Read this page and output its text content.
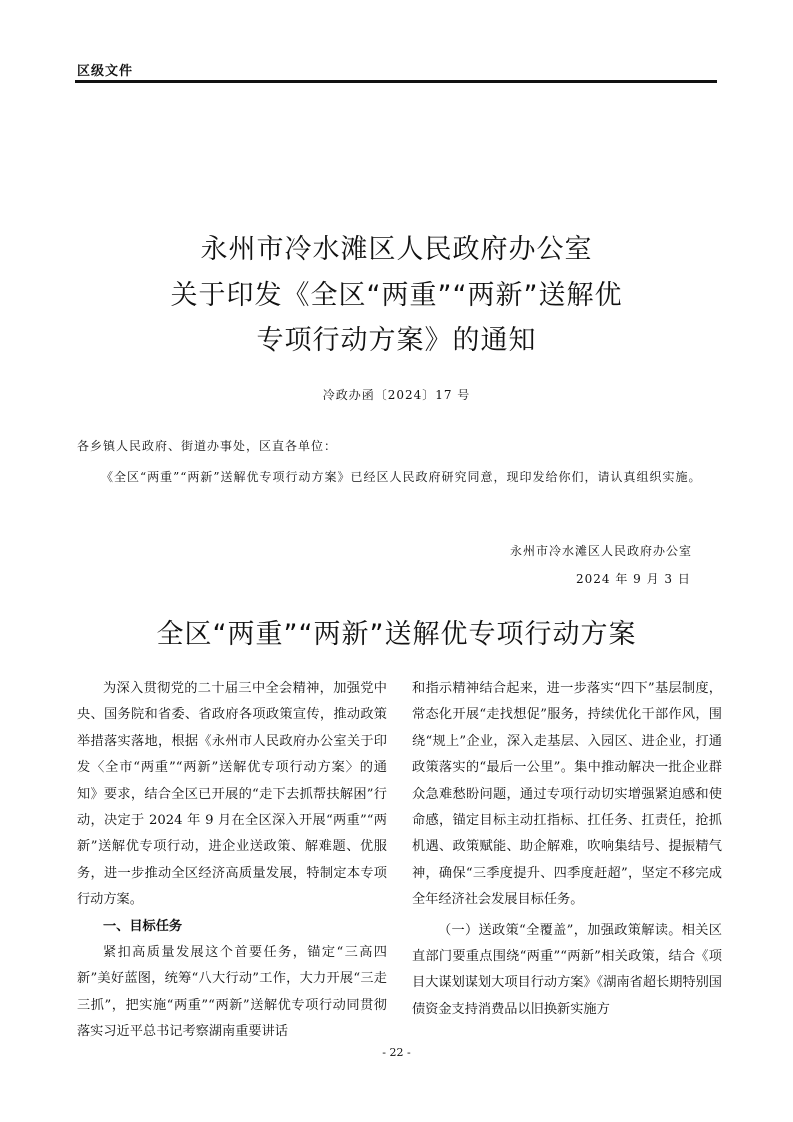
区级文件
永州市冷水滩区人民政府办公室
关于印发《全区“两重”“两新”送解优
专项行动方案》的通知
冷政办函〔2024〕17 号
各乡镇人民政府、街道办事处，区直各单位：
《全区“两重”“两新”送解优专项行动方案》已经区人民政府研究同意，现印发给你们，请认真组织实施。
永州市冷水滩区人民政府办公室
2024 年 9 月 3 日
全区“两重”“两新”送解优专项行动方案

为深入贯彻党的二十届三中全会精神，加强党中央、国务院和省委、省政府各项政策宣传，推动政策举措落实落地，根据《永州市人民政府办公室关于印发〈全市“两重”“两新”送解优专项行动方案〉的通知》要求，结合全区已开展的“走下去抓帮扶解困”行动，决定于 2024 年 9 月在全区深入开展“两重”“两新”送解优专项行动，进企业送政策、解难题、优服务，进一步推动全区经济高质量发展，特制定本专项行动方案。

一、目标任务

紧扣高质量发展这个首要任务，锚定“三高四新”美好蓝图，统筹“八大行动”工作，大力开展“三走三抓”，把实施“两重”“两新”送解优专项行动同贯彻落实习近平总书记考察湖南重要讲话

和指示精神结合起来，进一步落实“四下”基层制度，常态化开展“走找想促”服务，持续优化干部作风，围绕“规上”企业，深入走基层、入园区、进企业，打通政策落实的“最后一公里”。集中推动解决一批企业群众急难愁盼问题，通过专项行动切实增强紧迫感和使命感，锚定目标主动扛指标、扛任务、扛责任，抢抓机遇、政策赋能、助企解难，吹响集结号、提振精气神，确保“三季度提升、四季度赶超”，坚定不移完成全年经济社会发展目标任务。

（一）送政策“全覆盖”，加强政策解读。相关区直部门要重点围绕“两重”“两新”相关政策，结合《项目大谋划谋划大项目行动方案》《湖南省超长期特别国债资金支持消费品以旧换新实施方

- 22 -
